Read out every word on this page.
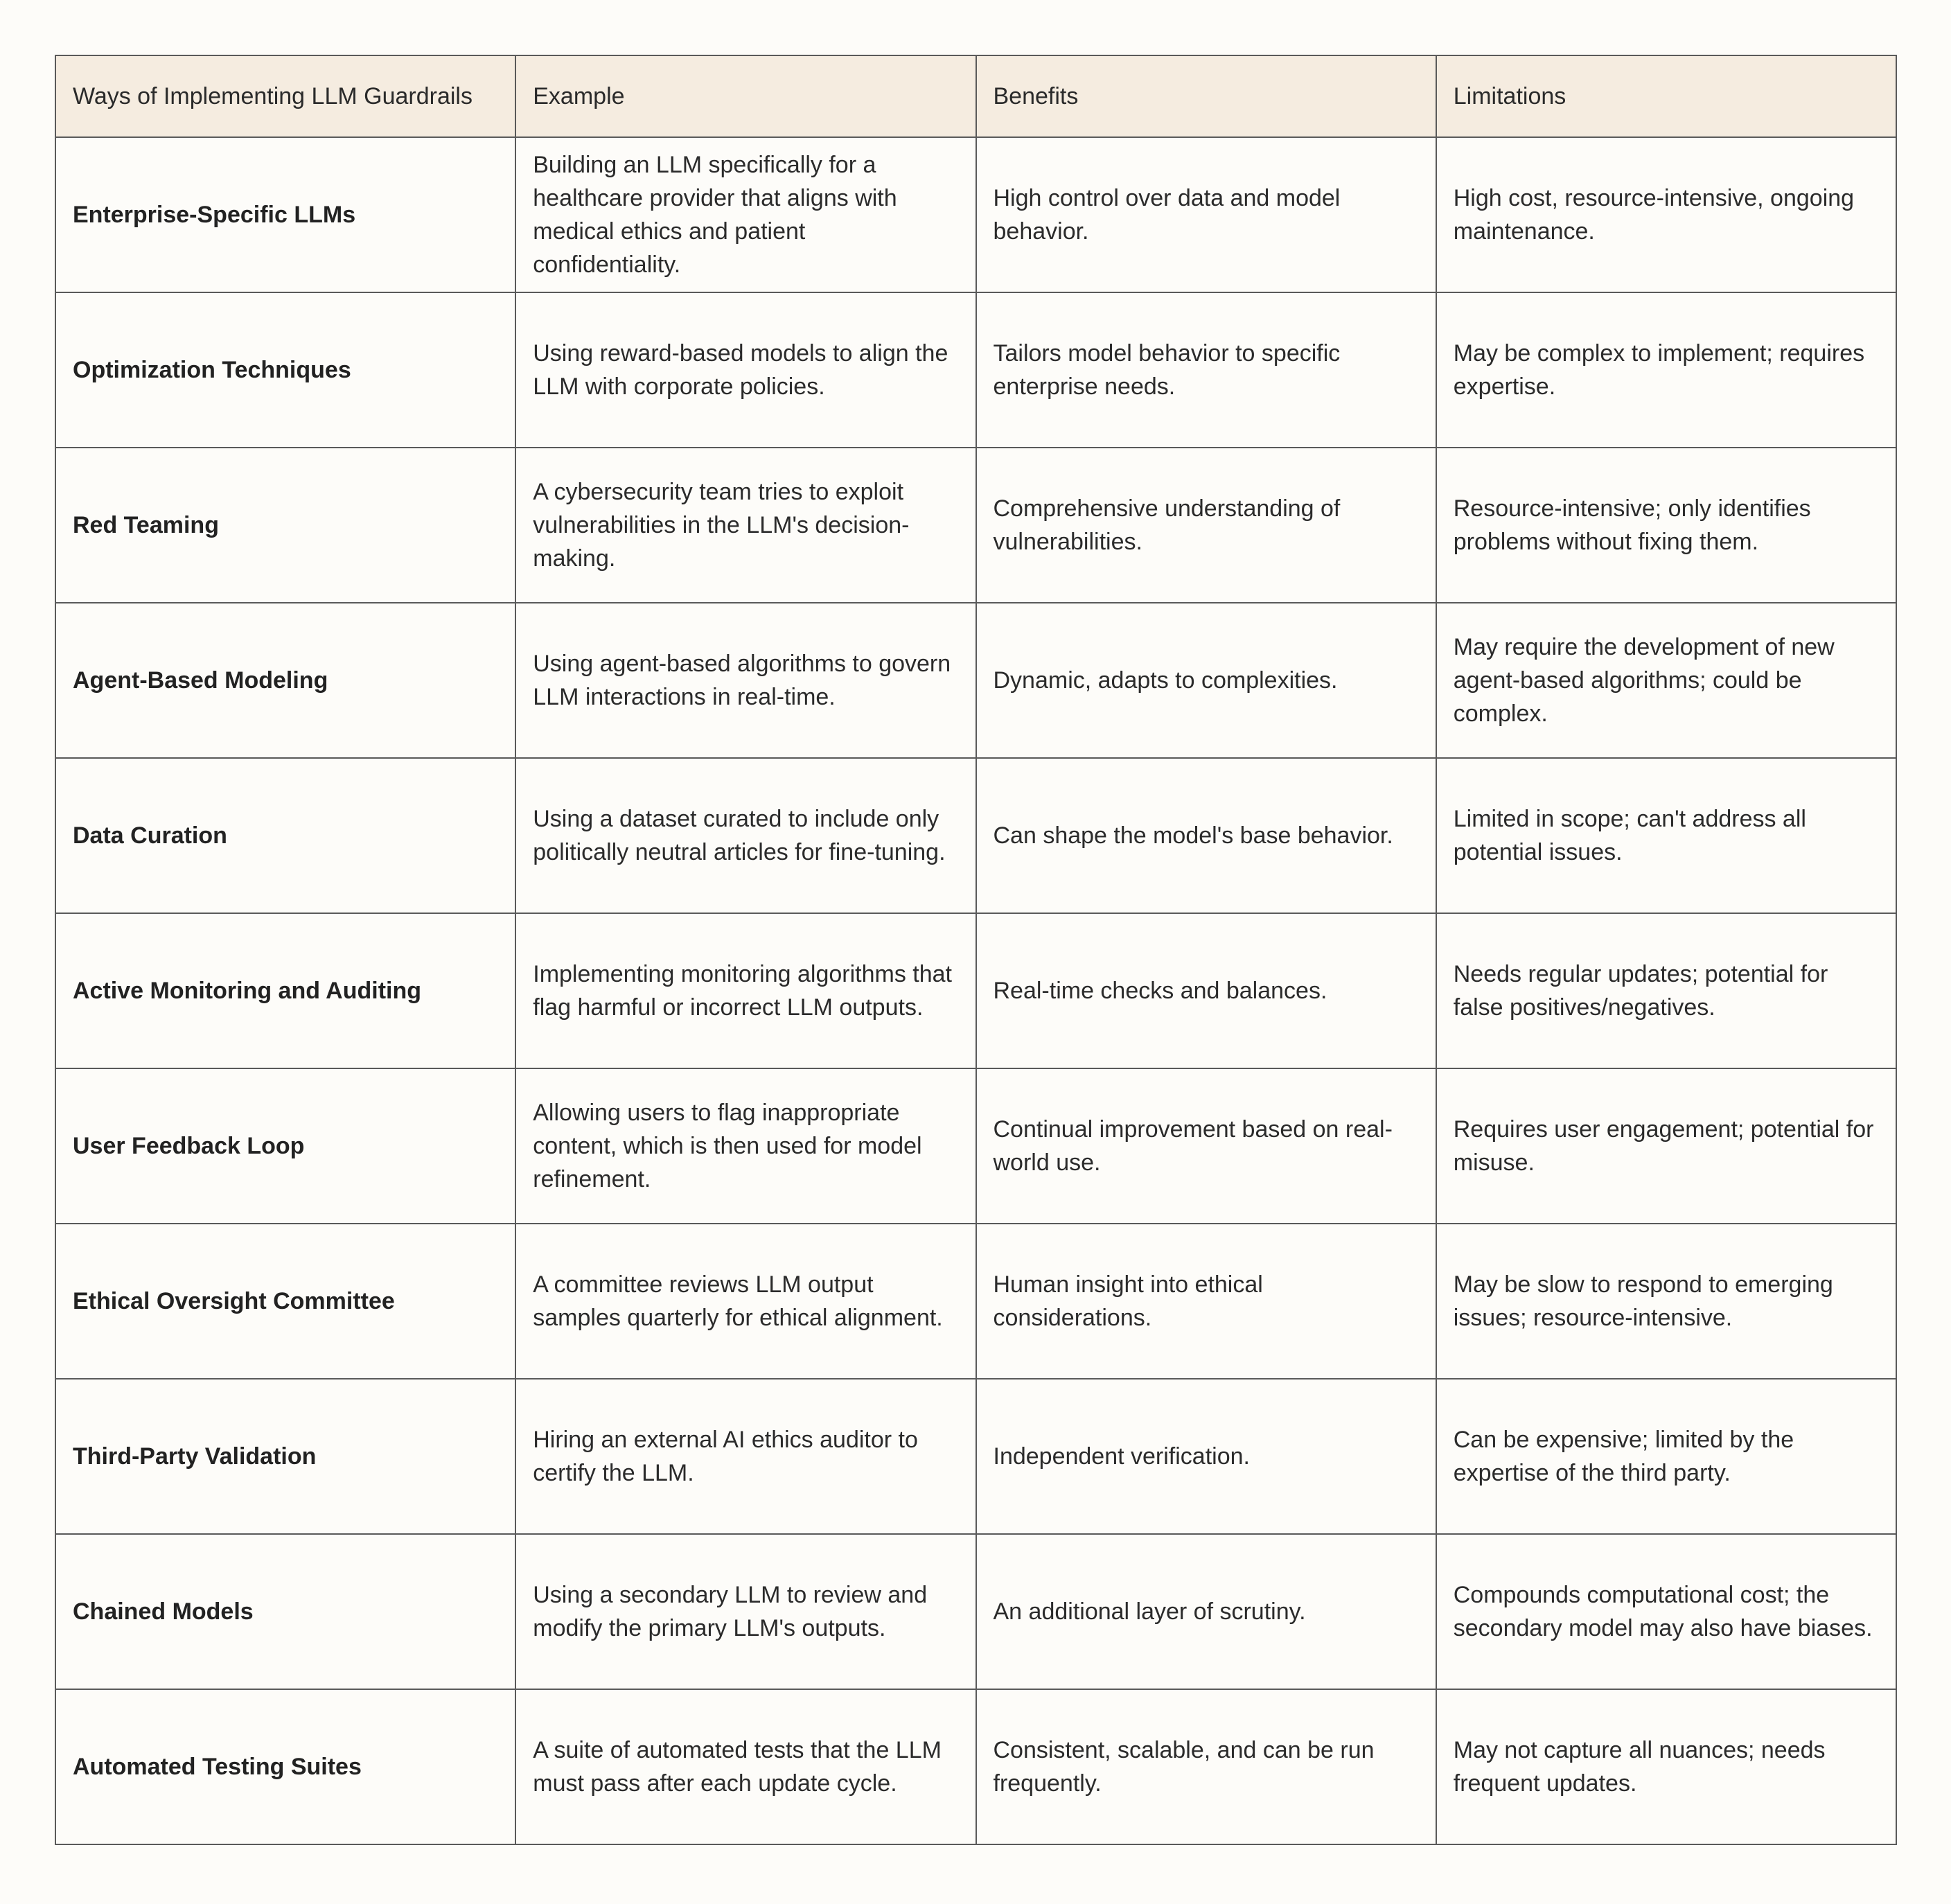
Ways of Implementing LLM Guardrails	Example	Benefits	Limitations
Enterprise-Specific LLMs	Building an LLM specifically for a healthcare provider that aligns with medical ethics and patient confidentiality.	High control over data and model behavior.	High cost, resource-intensive, ongoing maintenance.
Optimization Techniques	Using reward-based models to align the LLM with corporate policies.	Tailors model behavior to specific enterprise needs.	May be complex to implement; requires expertise.
Red Teaming	A cybersecurity team tries to exploit vulnerabilities in the LLM's decision-making.	Comprehensive understanding of vulnerabilities.	Resource-intensive; only identifies problems without fixing them.
Agent-Based Modeling	Using agent-based algorithms to govern LLM interactions in real-time.	Dynamic, adapts to complexities.	May require the development of new agent-based algorithms; could be complex.
Data Curation	Using a dataset curated to include only politically neutral articles for fine-tuning.	Can shape the model's base behavior.	Limited in scope; can't address all potential issues.
Active Monitoring and Auditing	Implementing monitoring algorithms that flag harmful or incorrect LLM outputs.	Real-time checks and balances.	Needs regular updates; potential for false positives/negatives.
User Feedback Loop	Allowing users to flag inappropriate content, which is then used for model refinement.	Continual improvement based on real-world use.	Requires user engagement; potential for misuse.
Ethical Oversight Committee	A committee reviews LLM output samples quarterly for ethical alignment.	Human insight into ethical considerations.	May be slow to respond to emerging issues; resource-intensive.
Third-Party Validation	Hiring an external AI ethics auditor to certify the LLM.	Independent verification.	Can be expensive; limited by the expertise of the third party.
Chained Models	Using a secondary LLM to review and modify the primary LLM's outputs.	An additional layer of scrutiny.	Compounds computational cost; the secondary model may also have biases.
Automated Testing Suites	A suite of automated tests that the LLM must pass after each update cycle.	Consistent, scalable, and can be run frequently.	May not capture all nuances; needs frequent updates.
